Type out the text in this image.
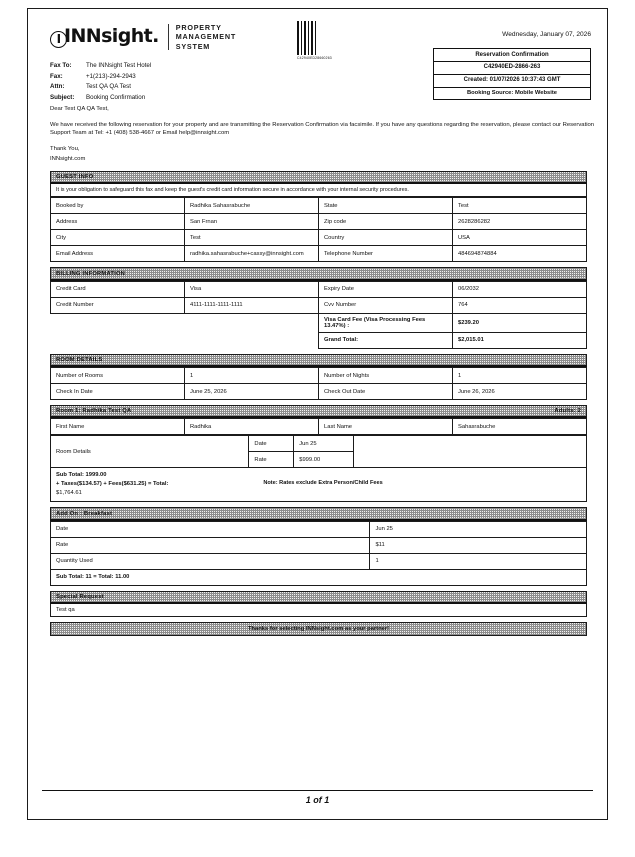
I INNsight. PROPERTY
MANAGEMENT
SYSTEM
C42940ED28660263
Wednesday, January 07, 2026
Reservation Confirmation
C42940ED-2866-263
Created: 01/07/2026 10:37:43 GMT
Booking Source: Mobile Website
Fax To:	The INNsight Test Hotel
Fax:	+1(213)-294-2943
Attn:	Test QA QA Test
Subject:	Booking Confirmation

Dear Test QA QA Test,

We have received the following reservation for your property and are transmitting the Reservation Confirmation via facsimile. If you have any questions regarding the reservation, please contact our Reservation Support Team at Tel: +1 (408) 538-4667 or Email help@innsight.com

Thank You,

INNsight.com

GUEST INFO
It is your obligation to safeguard this fax and keep the guest's credit card information secure in accordance with your internal security procedures.
Booked by	Radhika Sahasrabuche	State	Test
Address	San Frnan	Zip code	2628286282
City	Test	Country	USA
Email Address	radhika.sahasrabuche+cassy@innsight.com	Telephone Number	484694874884
BILLING INFORMATION
Credit Card	Visa	Expiry Date	06/2032
Credit Number	4111-1111-1111-1111	Cvv Number	764
		Visa Card Fee (Visa Processing Fees 13.47%) :	$239.20
		Grand Total:	$2,015.01
ROOM DETAILS
Number of Rooms	1	Number of Nights	1
Check In Date	June 25, 2026	Check Out Date	June 26, 2026
Room 1: Radhika Test QA	Adults: 2
First Name	Radhika	Last Name	Sahasrabuche
Room Details	Date	Jun 25	
	Rate	$999.00	
Sub Total: 1999.00
+ Taxes($134.57) + Fees($631.25) = Total:
$1,764.61
Note: Rates exclude Extra Person/Child Fees
Add On : Breakfast
Date	Jun 25
Rate	$11
Quantity Used	1
Sub Total: 11 = Total: 11.00
Special Request
Test qa
Thanks for selecting INNsight.com as your partner!
1 of 1
